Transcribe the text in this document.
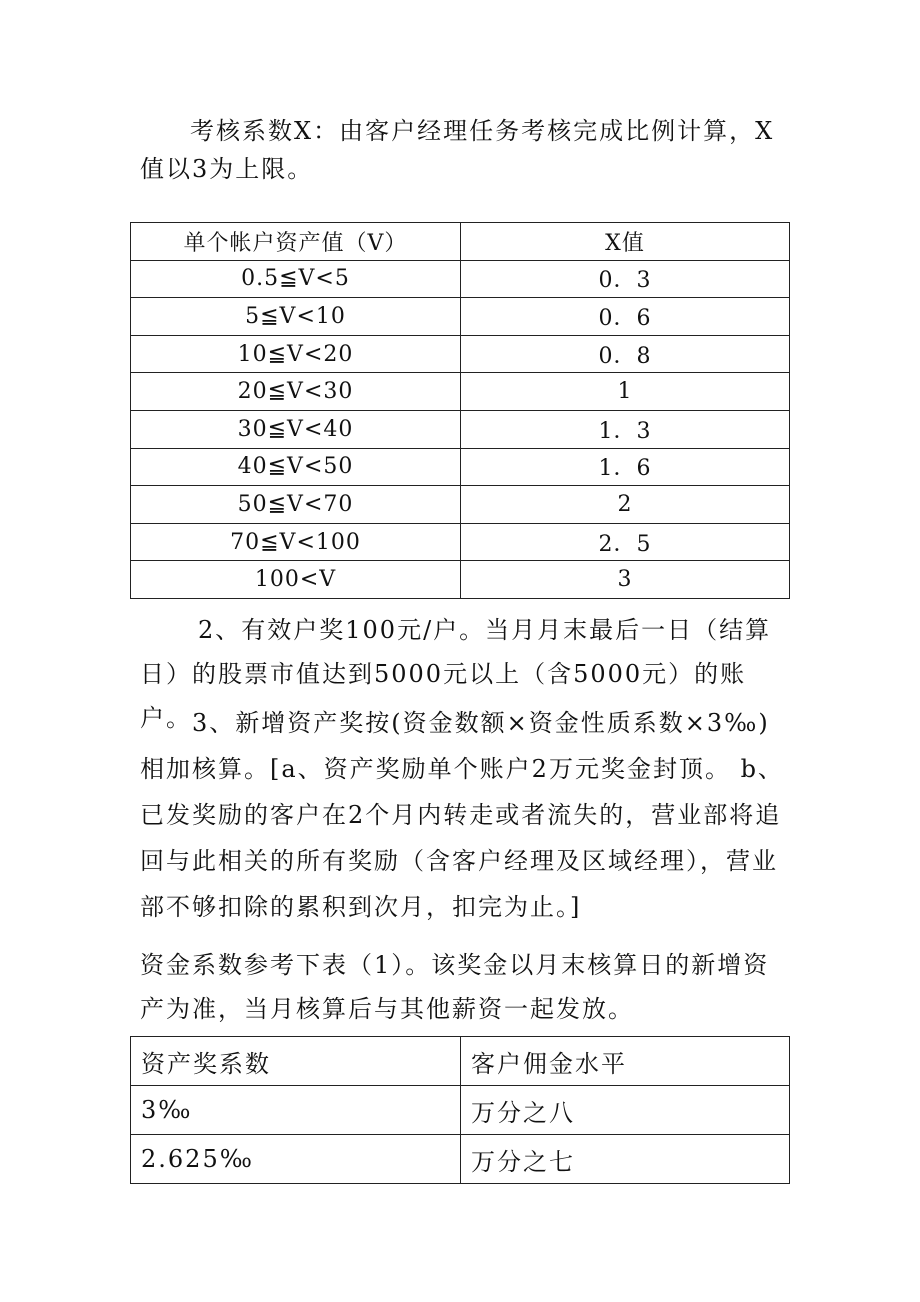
考核系数X：由客户经理任务考核完成比例计算，X值以3为上限。

单个帐户资产值（V）	X值
0.5≦V<5	0．3
5≦V<10	0．6
10≦V<20	0．8
20≦V<30	1
30≦V<40	1．3
40≦V<50	1．6
50≦V<70	2
70≦V<100	2．5
100<V	3

2、有效户奖100元/户。当月月末最后一日（结算日）的股票市值达到5000元以上（含5000元）的账户。 3、新增资产奖按(资金数额×资金性质系数×3‰)相加核算。[a、资产奖励单个账户2万元奖金封顶。 b、已发奖励的客户在2个月内转走或者流失的，营业部将追回与此相关的所有奖励（含客户经理及区域经理），营业部不够扣除的累积到次月，扣完为止。]

资金系数参考下表（1）。该奖金以月末核算日的新增资产为准，当月核算后与其他薪资一起发放。

资产奖系数	客户佣金水平
3‰	万分之八
2.625‰	万分之七
